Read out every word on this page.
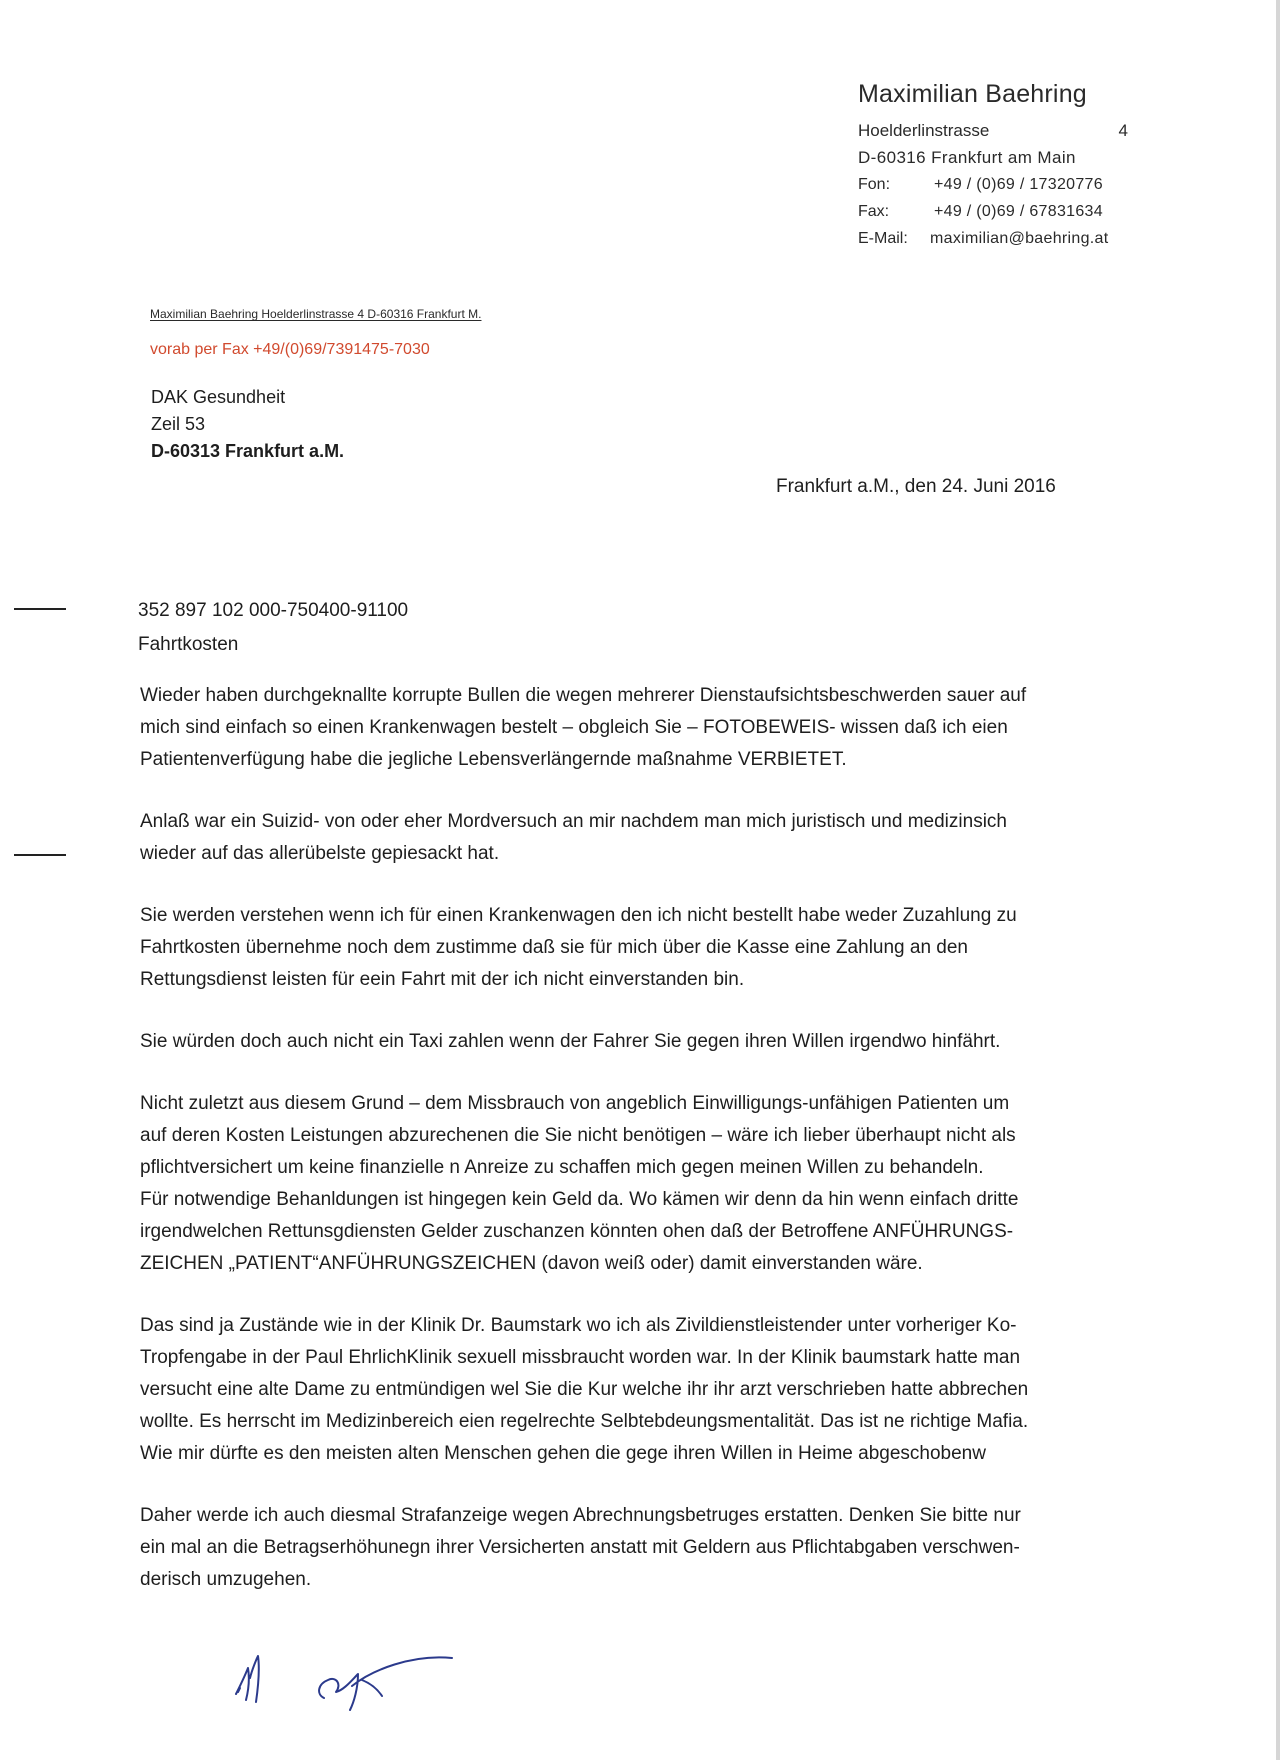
Maximilian Baehring
Hoelderlinstrasse	4
D-60316 Frankfurt am Main
Fon:	+49 / (0)69 / 17320776
Fax:	+49 / (0)69 / 67831634
E-Mail:	maximilian@baehring.at
Maximilian Baehring Hoelderlinstrasse 4 D-60316 Frankfurt M.
vorab per Fax +49/(0)69/7391475-7030
DAK Gesundheit
Zeil 53
D-60313 Frankfurt a.M.
Frankfurt a.M., den 24. Juni 2016
352 897 102 000-750400-91100
Fahrtkosten
Wieder haben durchgeknallte korrupte Bullen die wegen mehrerer Dienstaufsichtsbeschwerden sauer auf
mich sind einfach so einen Krankenwagen bestelt – obgleich Sie – FOTOBEWEIS- wissen daß ich eien
Patientenverfügung habe die jegliche Lebensverlängernde maßnahme VERBIETET.
Anlaß war ein Suizid- von oder eher Mordversuch an mir nachdem man mich juristisch und medizinsich
wieder auf das allerübelste gepiesackt hat.
Sie werden verstehen wenn ich für einen Krankenwagen den ich nicht bestellt habe weder Zuzahlung zu
Fahrtkosten übernehme noch dem zustimme daß sie für mich über die Kasse eine Zahlung an den
Rettungsdienst leisten für eein Fahrt mit der ich nicht einverstanden bin.
Sie würden doch auch nicht ein Taxi zahlen wenn der Fahrer Sie gegen ihren Willen irgendwo hinfährt.
Nicht zuletzt aus diesem Grund – dem Missbrauch von angeblich Einwilligungs-unfähigen Patienten um
auf deren Kosten Leistungen abzurechenen die Sie nicht benötigen – wäre ich lieber überhaupt nicht als
pflichtversichert um keine finanzielle n Anreize zu schaffen mich gegen meinen Willen zu behandeln.
Für notwendige Behanldungen ist hingegen kein Geld da. Wo kämen wir denn da hin wenn einfach dritte
irgendwelchen Rettunsgdiensten Gelder zuschanzen könnten ohen daß der Betroffene ANFÜHRUNGS-
ZEICHEN „PATIENT“ANFÜHRUNGSZEICHEN (davon weiß oder) damit einverstanden wäre.
Das sind ja Zustände wie in der Klinik Dr. Baumstark wo ich als Zivildienstleistender unter vorheriger Ko-
Tropfengabe in der Paul EhrlichKlinik sexuell missbraucht worden war. In der Klinik baumstark hatte man
versucht eine alte Dame zu entmündigen wel Sie die Kur welche ihr ihr arzt verschrieben hatte abbrechen
wollte. Es herrscht im Medizinbereich eien regelrechte Selbtebdeungsmentalität. Das ist ne richtige Mafia.
Wie mir dürfte es den meisten alten Menschen gehen die gege ihren Willen in Heime abgeschobenw
Daher werde ich auch diesmal Strafanzeige wegen Abrechnungsbetruges erstatten. Denken Sie bitte nur
ein mal an die Betragserhöhunegn ihrer Versicherten anstatt mit Geldern aus Pflichtabgaben verschwen-
derisch umzugehen.
